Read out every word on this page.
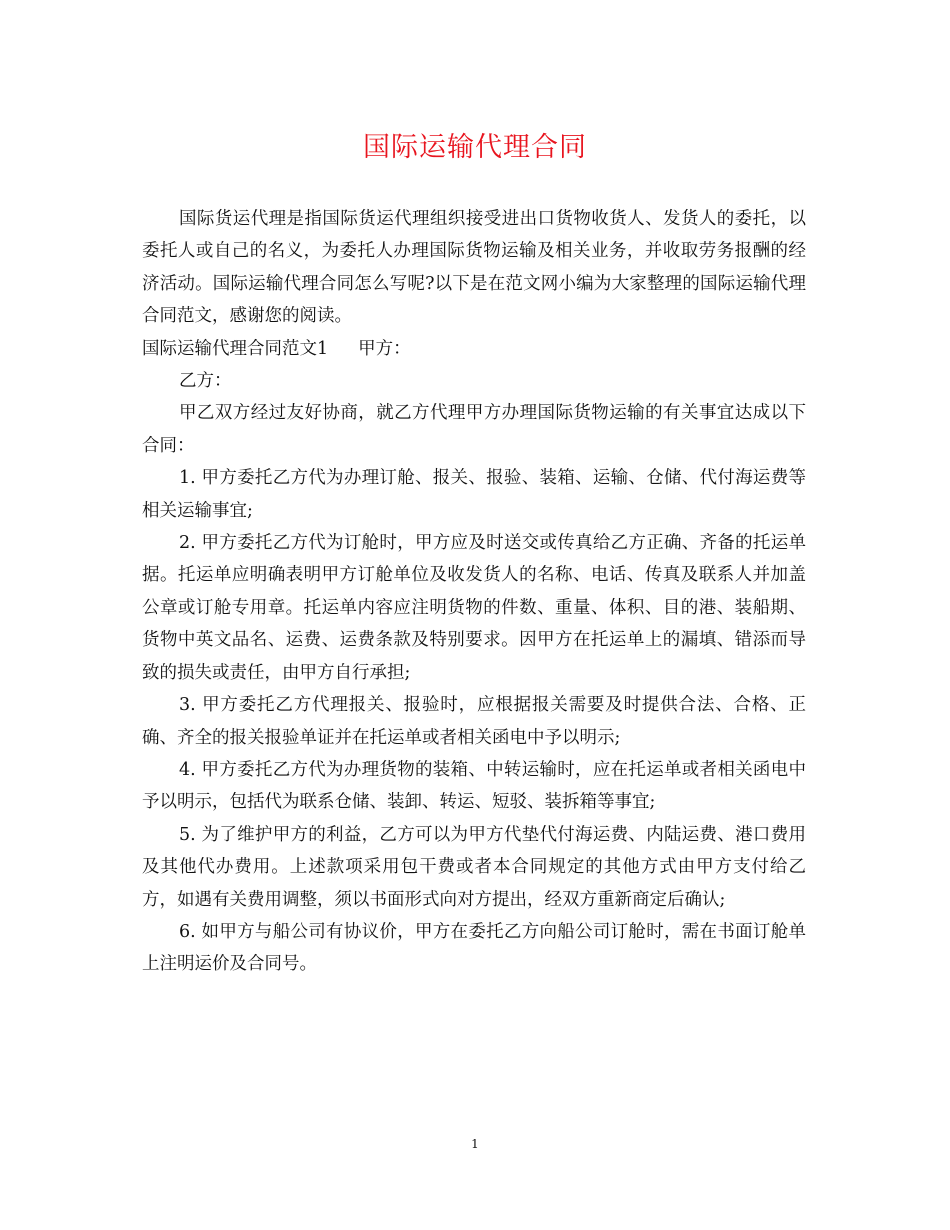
国际运输代理合同

国际货运代理是指国际货运代理组织接受进出口货物收货人、发货人的委托，以委托人或自己的名义，为委托人办理国际货物运输及相关业务，并收取劳务报酬的经济活动。国际运输代理合同怎么写呢?以下是在范文网小编为大家整理的国际运输代理合同范文，感谢您的阅读。

国际运输代理合同范文1 甲方：

乙方：

甲乙双方经过友好协商，就乙方代理甲方办理国际货物运输的有关事宜达成以下合同：

1. 甲方委托乙方代为办理订舱、报关、报验、装箱、运输、仓储、代付海运费等相关运输事宜;

2. 甲方委托乙方代为订舱时，甲方应及时送交或传真给乙方正确、齐备的托运单据。托运单应明确表明甲方订舱单位及收发货人的名称、电话、传真及联系人并加盖公章或订舱专用章。托运单内容应注明货物的件数、重量、体积、目的港、装船期、货物中英文品名、运费、运费条款及特别要求。因甲方在托运单上的漏填、错添而导致的损失或责任，由甲方自行承担;

3. 甲方委托乙方代理报关、报验时，应根据报关需要及时提供合法、合格、正确、齐全的报关报验单证并在托运单或者相关函电中予以明示;

4. 甲方委托乙方代为办理货物的装箱、中转运输时，应在托运单或者相关函电中予以明示，包括代为联系仓储、装卸、转运、短驳、装拆箱等事宜;

5. 为了维护甲方的利益，乙方可以为甲方代垫代付海运费、内陆运费、港口费用及其他代办费用。上述款项采用包干费或者本合同规定的其他方式由甲方支付给乙方，如遇有关费用调整，须以书面形式向对方提出，经双方重新商定后确认;

6. 如甲方与船公司有协议价，甲方在委托乙方向船公司订舱时，需在书面订舱单上注明运价及合同号。

1
